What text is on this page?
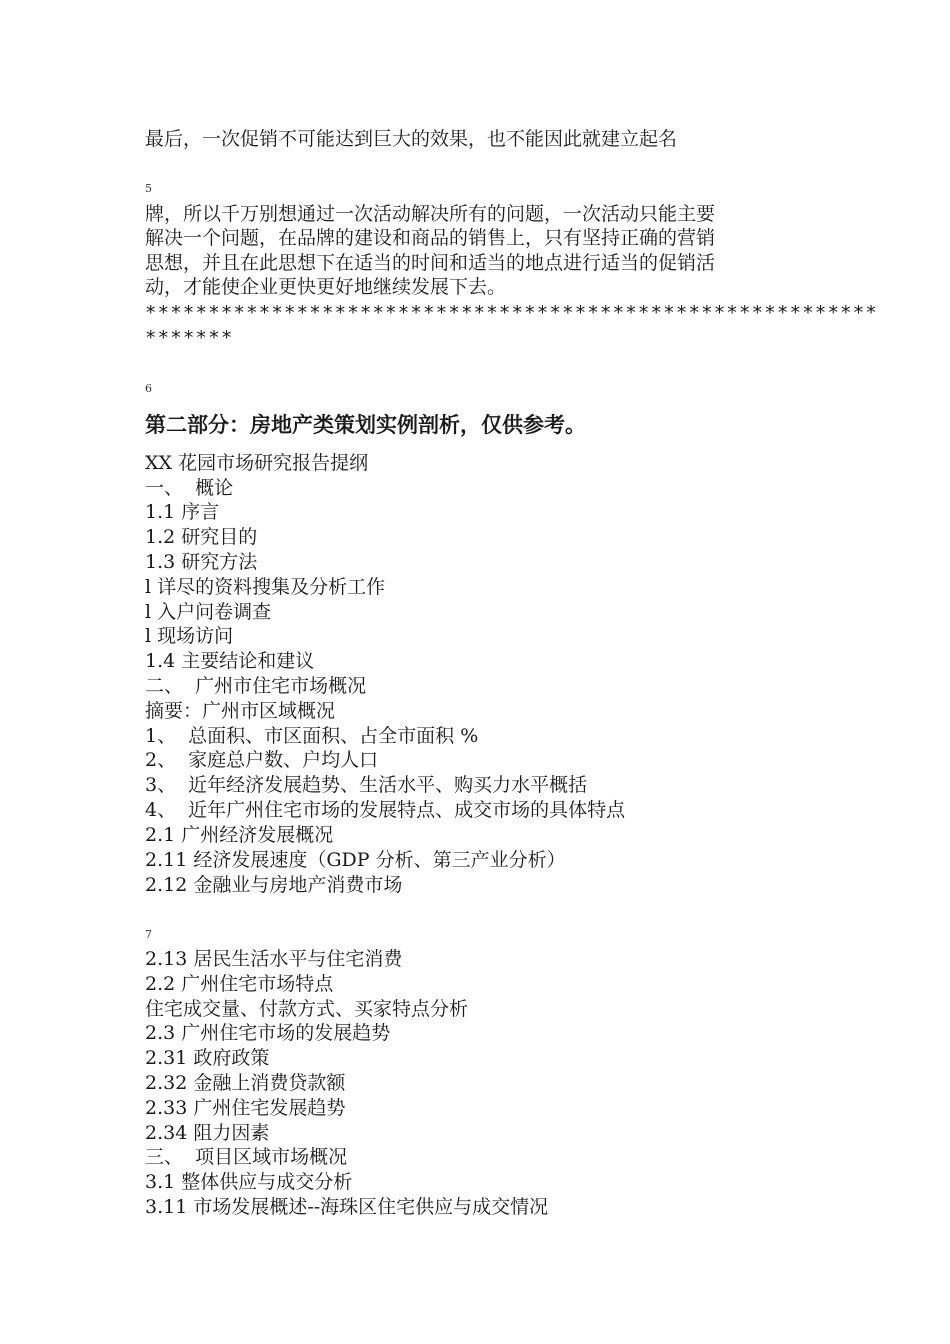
最后，一次促销不可能达到巨大的效果，也不能因此就建立起名
5
牌，所以千万别想通过一次活动解决所有的问题，一次活动只能主要
解决一个问题，在品牌的建设和商品的销售上，只有坚持正确的营销
思想，并且在此思想下在适当的时间和适当的地点进行适当的促销活
动，才能使企业更快更好地继续发展下去。
**********************************************************
*******
6
第二部分：房地产类策划实例剖析，仅供参考。
XX 花园市场研究报告提纲
一、  概论
1.1 序言
1.2 研究目的
1.3 研究方法
l 详尽的资料搜集及分析工作
l 入户问卷调查
l 现场访问
1.4 主要结论和建议
二、  广州市住宅市场概况
摘要：广州市区域概况
1、  总面积、市区面积、占全市面积 %
2、  家庭总户数、户均人口
3、  近年经济发展趋势、生活水平、购买力水平概括
4、  近年广州住宅市场的发展特点、成交市场的具体特点
2.1 广州经济发展概况
2.11 经济发展速度（GDP 分析、第三产业分析）
2.12 金融业与房地产消费市场
7
2.13 居民生活水平与住宅消费
2.2 广州住宅市场特点
住宅成交量、付款方式、买家特点分析
2.3 广州住宅市场的发展趋势
2.31 政府政策
2.32 金融上消费贷款额
2.33 广州住宅发展趋势
2.34 阻力因素
三、  项目区域市场概况
3.1 整体供应与成交分析
3.11 市场发展概述--海珠区住宅供应与成交情况
